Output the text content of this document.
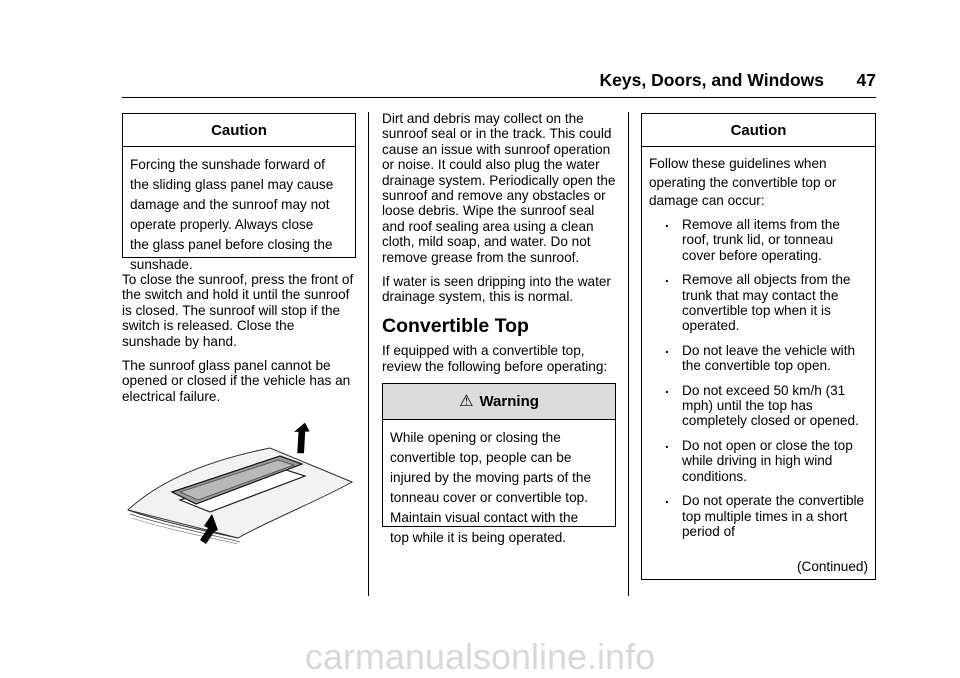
Keys, Doors, and Windows 47
Caution

Forcing the sunshade forward of

the sliding glass panel may cause

damage and the sunroof may not

operate properly. Always close

the glass panel before closing the

sunshade.

To close the sunroof, press the front of the switch and hold it until the sunroof is closed. The sunroof will stop if the switch is released. Close the sunshade by hand.

The sunroof glass panel cannot be opened or closed if the vehicle has an electrical failure.

Dirt and debris may collect on the sunroof seal or in the track. This could cause an issue with sunroof operation or noise. It could also plug the water drainage system. Periodically open the sunroof and remove any obstacles or loose debris. Wipe the sunroof seal and roof sealing area using a clean cloth, mild soap, and water. Do not remove grease from the sunroof.

If water is seen dripping into the water drainage system, this is normal.

Convertible Top

If equipped with a convertible top, review the following before operating:

⚠ Warning

While opening or closing the

convertible top, people can be

injured by the moving parts of the

tonneau cover or convertible top.

Maintain visual contact with the

top while it is being operated.

Caution

Follow these guidelines when

operating the convertible top or

damage can occur:

. Remove all items from the roof, trunk lid, or tonneau cover before operating.
. Remove all objects from the trunk that may contact the convertible top when it is operated.
. Do not leave the vehicle with the convertible top open.
. Do not exceed 50 km/h (31 mph) until the top has completely closed or opened.
. Do not open or close the top while driving in high wind conditions.
. Do not operate the convertible top multiple times in a short period of
(Continued)
carmanualsonline.info
